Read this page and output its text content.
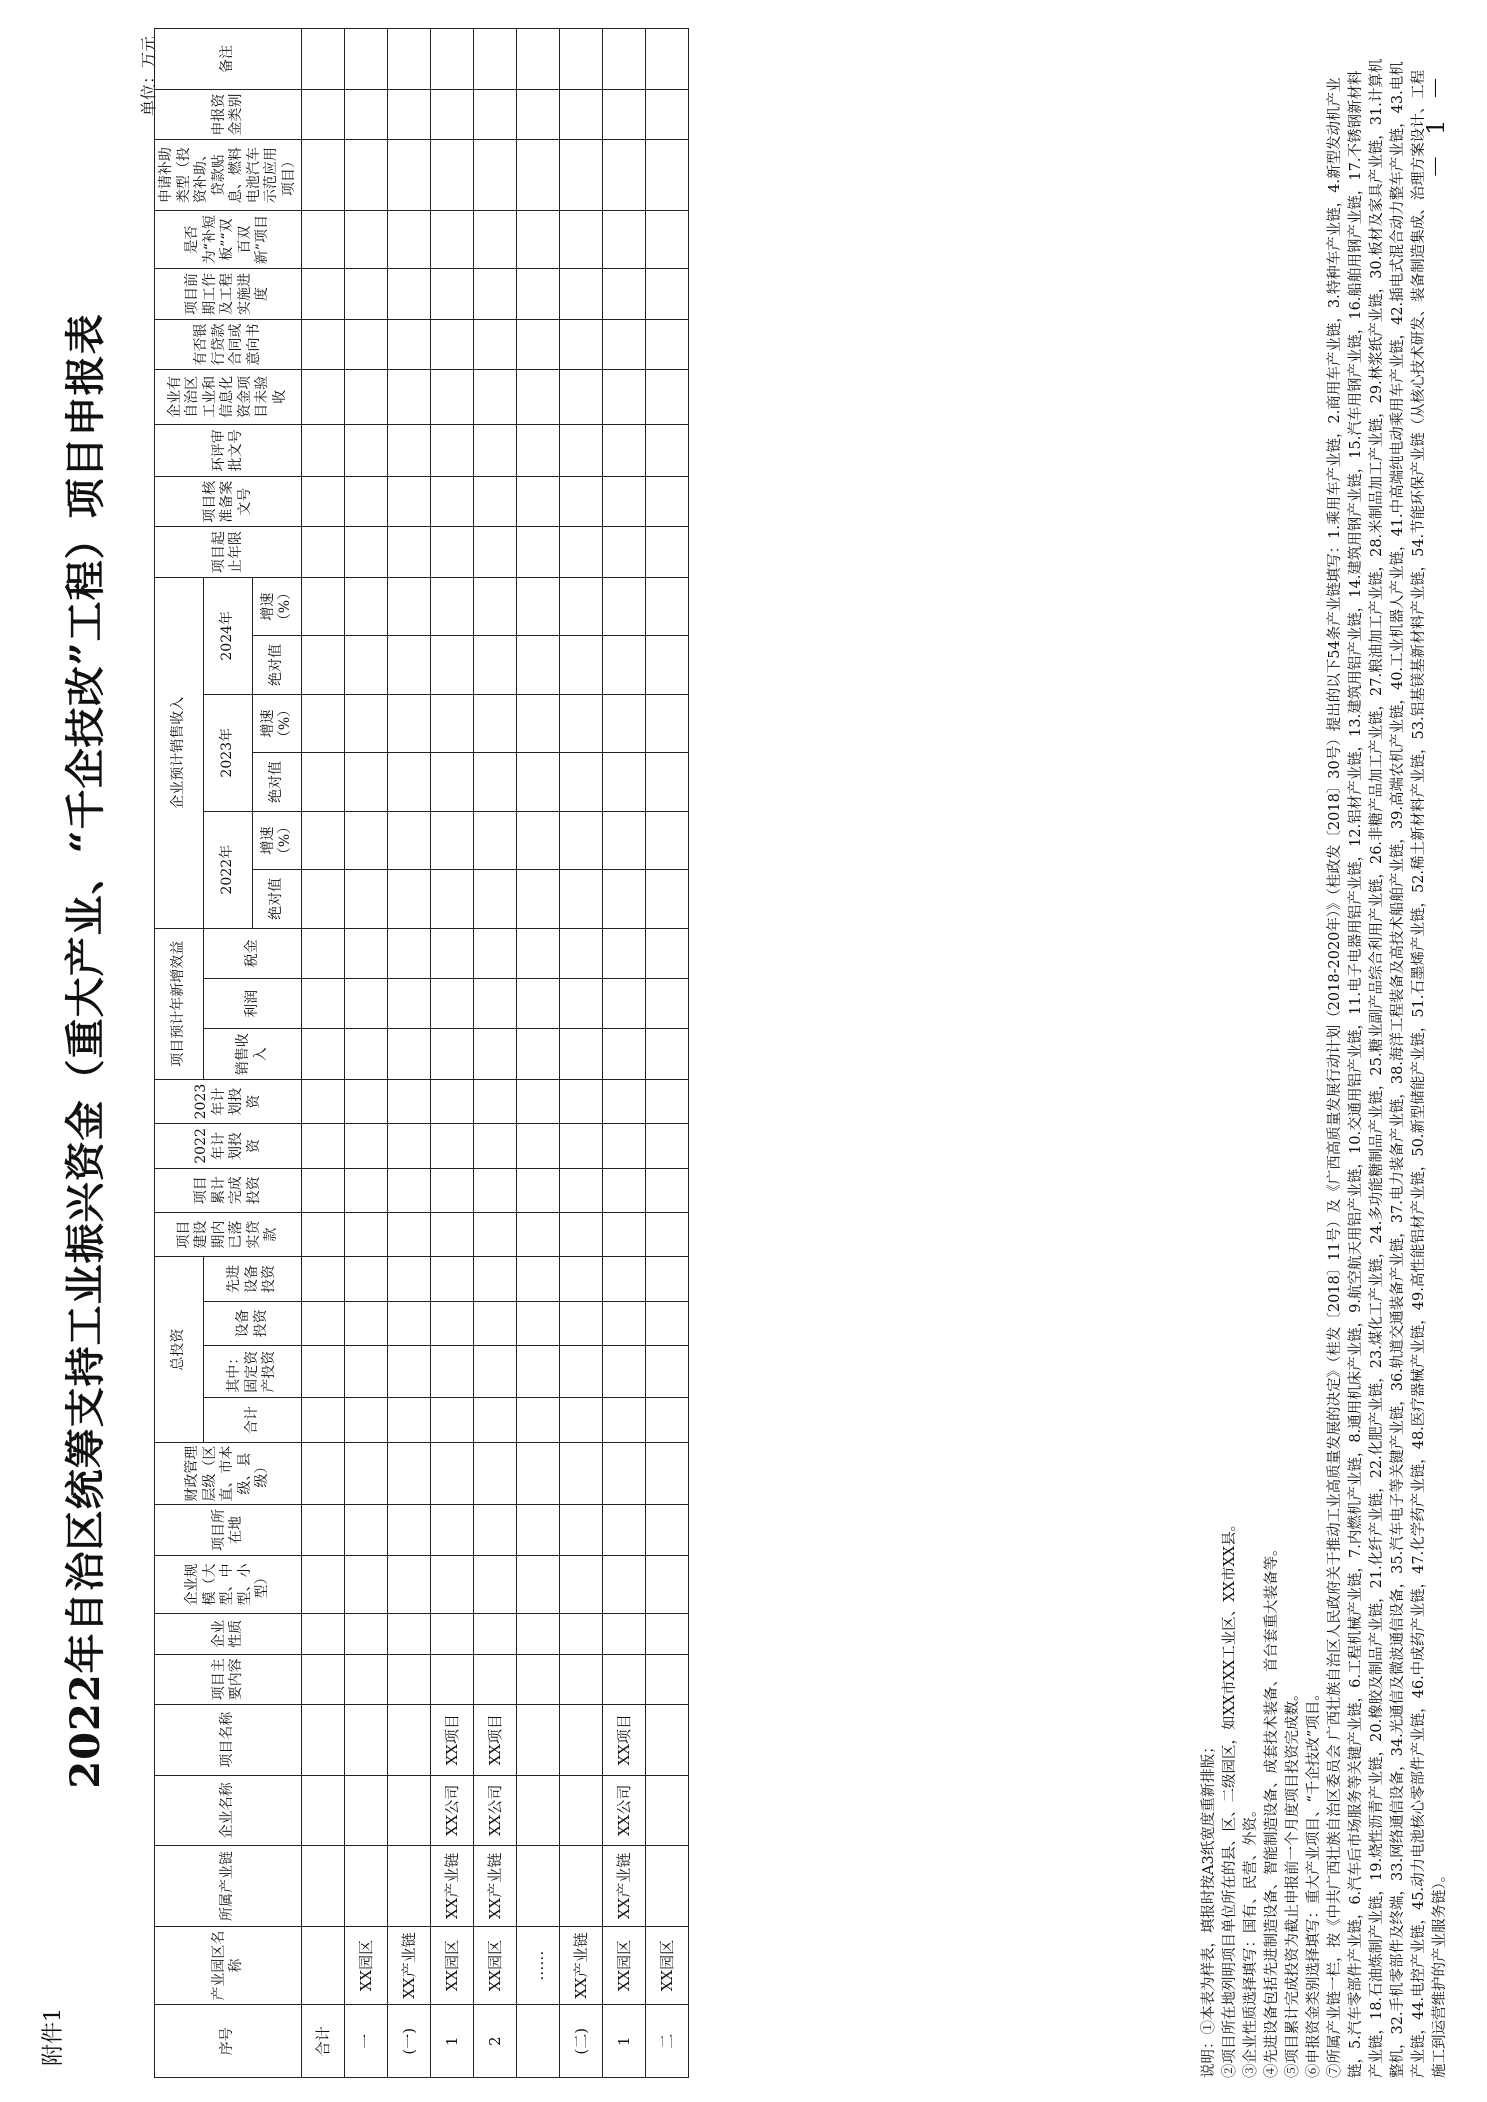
附件1
2022年自治区统筹支持工业振兴资金（重大产业、“千企技改”工程）项目申报表
单位：万元
序号	产业园区名称	所属产业链	企业名称	项目名称	项目主要内容	企业性质	企业规模（大型、中型、小型）	项目所在地	财政管理层级（区直、市本级、县级）	总投资				项目建设期内已落实贷款	项目累计完成投资	2022年计划投资	2023年计划投资	项目预计年新增效益			企业预计销售收入						项目起止年限	项目核准备案文号	环评审批文号	企业有自治区工业和信息化资金项目未验收	有否银行贷款合同或意向书	项目前期工作及工程实施进度	是否为“补短板”“双百双新”项目	申请补助类型（投资补助、贷款贴息、燃料电池汽车示范应用项目）	申报资金类别	备注
										合计	其中：固定资产投资	设备投资	先进设备投资					销售收入	利润	税金	2022年		2023年		2024年											
																					绝对值	增速（%）	绝对值	增速（%）	绝对值	增速（%）										
合计																																				
一	XX园区																																			
(一)	XX产业链																																			
1	XX园区	XX产业链	XX公司	XX项目																																
2	XX园区	XX产业链	XX公司	XX项目																																
	……																																			
(二)	XX产业链																																			
1	XX园区	XX产业链	XX公司	XX项目																																
二	XX园区																																				说明：①本表为样表，填报时按A3纸宽度重新排版； ②项目所在地列明项目单位所在的县、区、二级园区，如XX市XX工业区、XX市XX县。 ③企业性质选择填写：国有、民营、外资。 ④先进设备包括先进制造设备、智能制造设备、成套技术装备、首台套重大装备等。 ⑤项目累计完成投资为截止申报前一个月度项目投资完成数。 ⑥申报资金类别选择填写：重大产业项目、“千企技改”项目。 ⑦所属产业链一栏，按《中共广西壮族自治区委员会 广西壮族自治区人民政府关于推动工业高质量发展的决定》（桂发〔2018〕11号）及《广西高质量发展行动计划（2018-2020年）》（桂政发〔2018〕30号）提出的以下54条产业链填写：1.乘用车产业链，2.商用车产业链，3.特种车产业链，4.新型发动机产业链，5.汽车零部件产业链，6.汽车后市场服务等关键产业链，6.工程机械产业链，7.内燃机产业链，8.通用机床产业链，9.航空航天用铝产业链，10.交通用铝产业链，11.电子电器用铝产业链，12.铝材产业链，13.建筑用铝产业链，14.建筑用钢产业链，15.汽车用钢产业链，16.船舶用钢产业链，17.不锈钢新材料产业链，18.石油炼制产业链，19.烧性沥青产业链，20.橡胶及制品产业链，21.化纤产业链，22.化肥产业链，23.煤化工产业链，24.多功能糖制品产业链，25.糖业副产品综合利用产业链，26.非糖产品加工产业链，27.粮油加工产业链，28.米制品加工产业链，29.林浆纸产业链，30.板材及家具产业链，31.计算机整机，32.手机零部件及终端，33.网络通信设备，34.光通信及微波通信设备，35.汽车电子等关键产业链，36.轨道交通装备产业链，37.电力装备产业链，38.海洋工程装备及高技术船舶产业链，39.高端农机产业链，40.工业机器人产业链，41.中高端纯电动乘用车产业链，42.插电式混合动力整车产业链，43.电机产业链，44.电控产业链，45.动力电池核心零部件产业链，46.中成药产业链，47.化学药产业链，48.医疗器械产业链，49.高性能铝材产业链，50.新型储能产业链，51.石墨烯产业链，52.稀土新材料产业链，53.铝基镁基新材料产业链，54.节能环保产业链（从核心技术研发、装备制造集成、治理方案设计、工程施工到运营维护的产业服务链）。

－ 1 －
